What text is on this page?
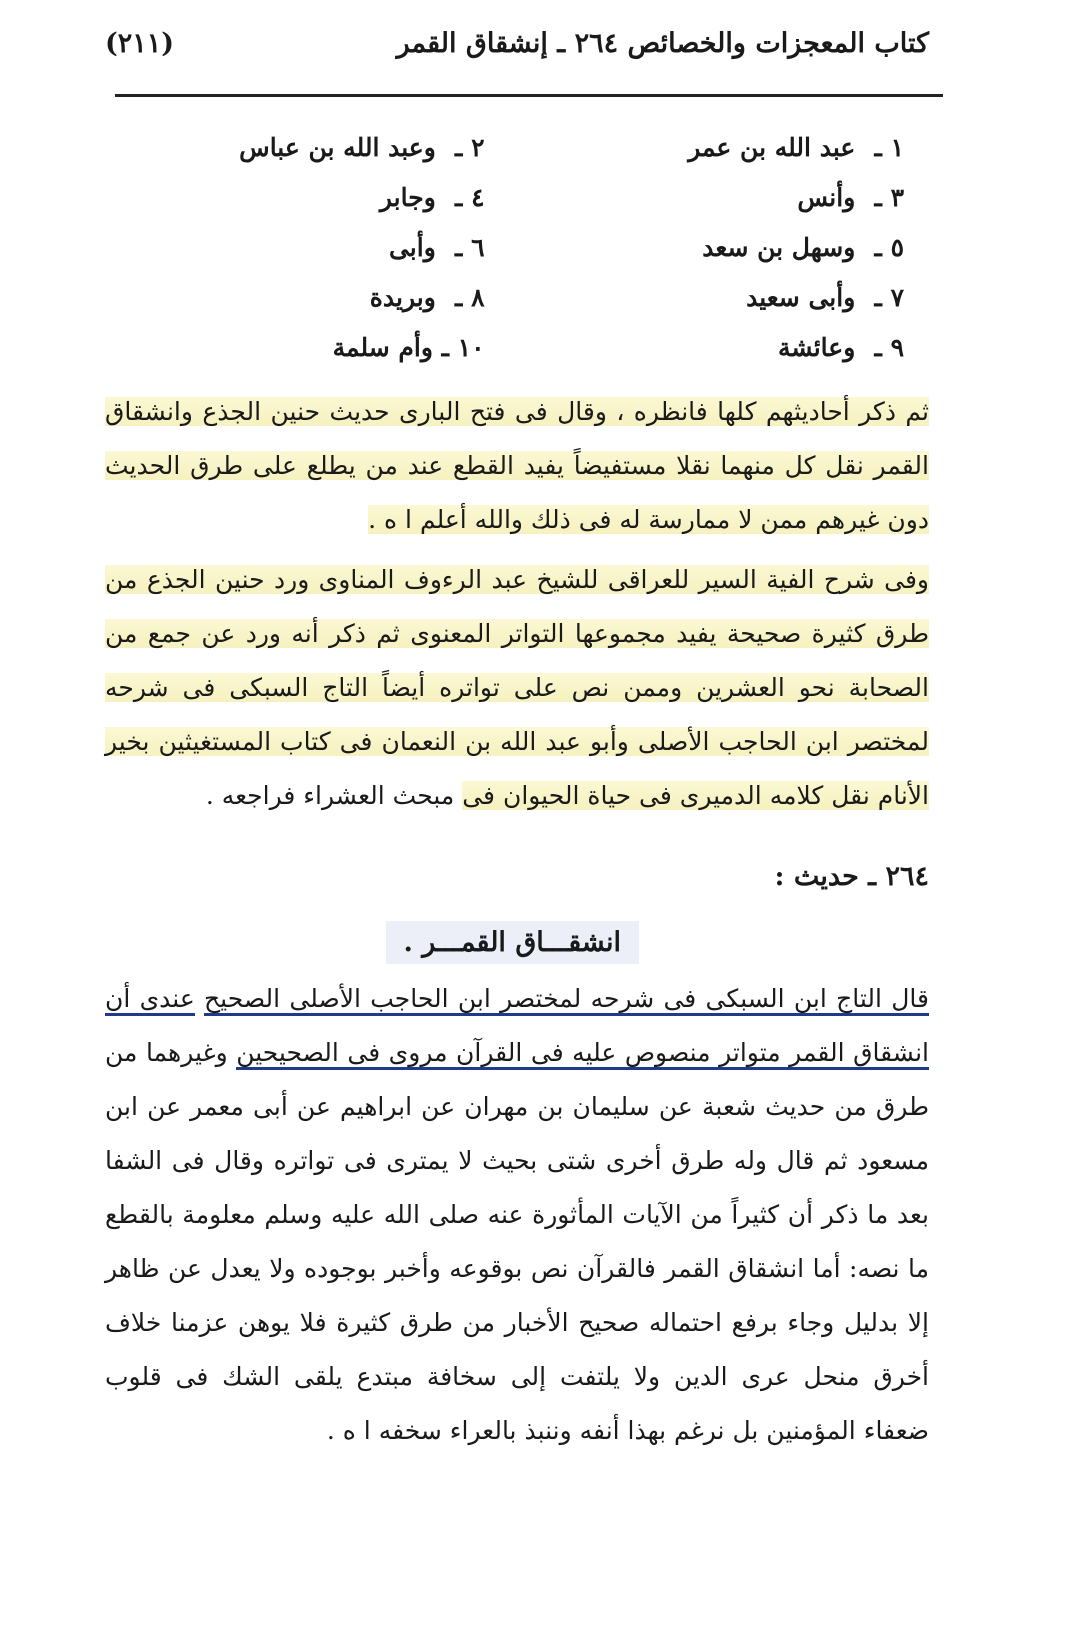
كتاب المعجزات والخصائص ٢٦٤ ـ إنشقاق القمر
(٢١١)
١ ـ عبد الله بن عمر
٢ ـ وعبد الله بن عباس
٣ ـ وأنس
٤ ـ وجابر
٥ ـ وسهل بن سعد
٦ ـ وأبى
٧ ـ وأبى سعيد
٨ ـ وبريدة
٩ ـ وعائشة
١٠ ـ وأم سلمة

ثم ذكر أحاديثهم كلها فانظره ، وقال فى فتح البارى حديث حنين الجذع وانشقاق القمر نقل كل منهما نقلا مستفيضاً يفيد القطع عند من يطلع على طرق الحديث دون غيرهم ممن لا ممارسة له فى ذلك والله أعلم ا ه .

وفى شرح الفية السير للعراقى للشيخ عبد الرءوف المناوى ورد حنين الجذع من طرق كثيرة صحيحة يفيد مجموعها التواتر المعنوى ثم ذكر أنه ورد عن جمع من الصحابة نحو العشرين وممن نص على تواتره أيضاً التاج السبكى فى شرحه لمختصر ابن الحاجب الأصلى وأبو عبد الله بن النعمان فى كتاب المستغيثين بخير الأنام نقل كلامه الدميرى فى حياة الحيوان فى مبحث العشراء فراجعه .

٢٦٤ ـ حديث :
انشقـــاق القمـــر .

قال التاج ابن السبكى فى شرحه لمختصر ابن الحاجب الأصلى الصحيح عندى أن انشقاق القمر متواتر منصوص عليه فى القرآن مروى فى الصحيحين وغيرهما من طرق من حديث شعبة عن سليمان بن مهران عن ابراهيم عن أبى معمر عن ابن مسعود ثم قال وله طرق أخرى شتى بحيث لا يمترى فى تواتره وقال فى الشفا بعد ما ذكر أن كثيراً من الآيات المأثورة عنه صلى الله عليه وسلم معلومة بالقطع ما نصه: أما انشقاق القمر فالقرآن نص بوقوعه وأخبر بوجوده ولا يعدل عن ظاهر إلا بدليل وجاء برفع احتماله صحيح الأخبار من طرق كثيرة فلا يوهن عزمنا خلاف أخرق منحل عرى الدين ولا يلتفت إلى سخافة مبتدع يلقى الشك فى قلوب ضعفاء المؤمنين بل نرغم بهذا أنفه وننبذ بالعراء سخفه ا ه .
